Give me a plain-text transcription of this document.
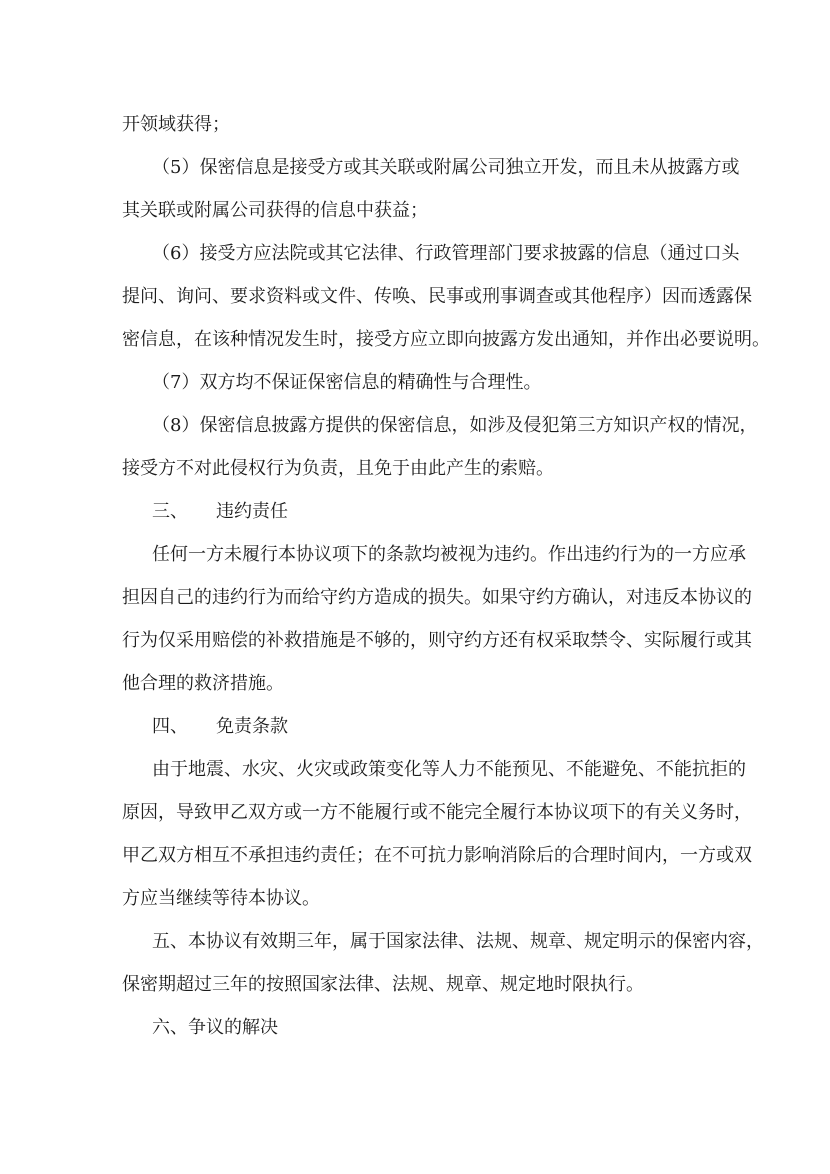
开领域获得；
（5）保密信息是接受方或其关联或附属公司独立开发，而且未从披露方或
其关联或附属公司获得的信息中获益；
（6）接受方应法院或其它法律、行政管理部门要求披露的信息（通过口头
提问、询问、要求资料或文件、传唤、民事或刑事调查或其他程序）因而透露保
密信息，在该种情况发生时，接受方应立即向披露方发出通知，并作出必要说明。
（7）双方均不保证保密信息的精确性与合理性。
（8）保密信息披露方提供的保密信息，如涉及侵犯第三方知识产权的情况，
接受方不对此侵权行为负责，且免于由此产生的索赔。
三、 违约责任
任何一方未履行本协议项下的条款均被视为违约。作出违约行为的一方应承
担因自己的违约行为而给守约方造成的损失。如果守约方确认，对违反本协议的
行为仅采用赔偿的补救措施是不够的，则守约方还有权采取禁令、实际履行或其
他合理的救济措施。
四、 免责条款
由于地震、水灾、火灾或政策变化等人力不能预见、不能避免、不能抗拒的
原因，导致甲乙双方或一方不能履行或不能完全履行本协议项下的有关义务时，
甲乙双方相互不承担违约责任；在不可抗力影响消除后的合理时间内，一方或双
方应当继续等待本协议。
五、本协议有效期三年，属于国家法律、法规、规章、规定明示的保密内容，
保密期超过三年的按照国家法律、法规、规章、规定地时限执行。
六、争议的解决
